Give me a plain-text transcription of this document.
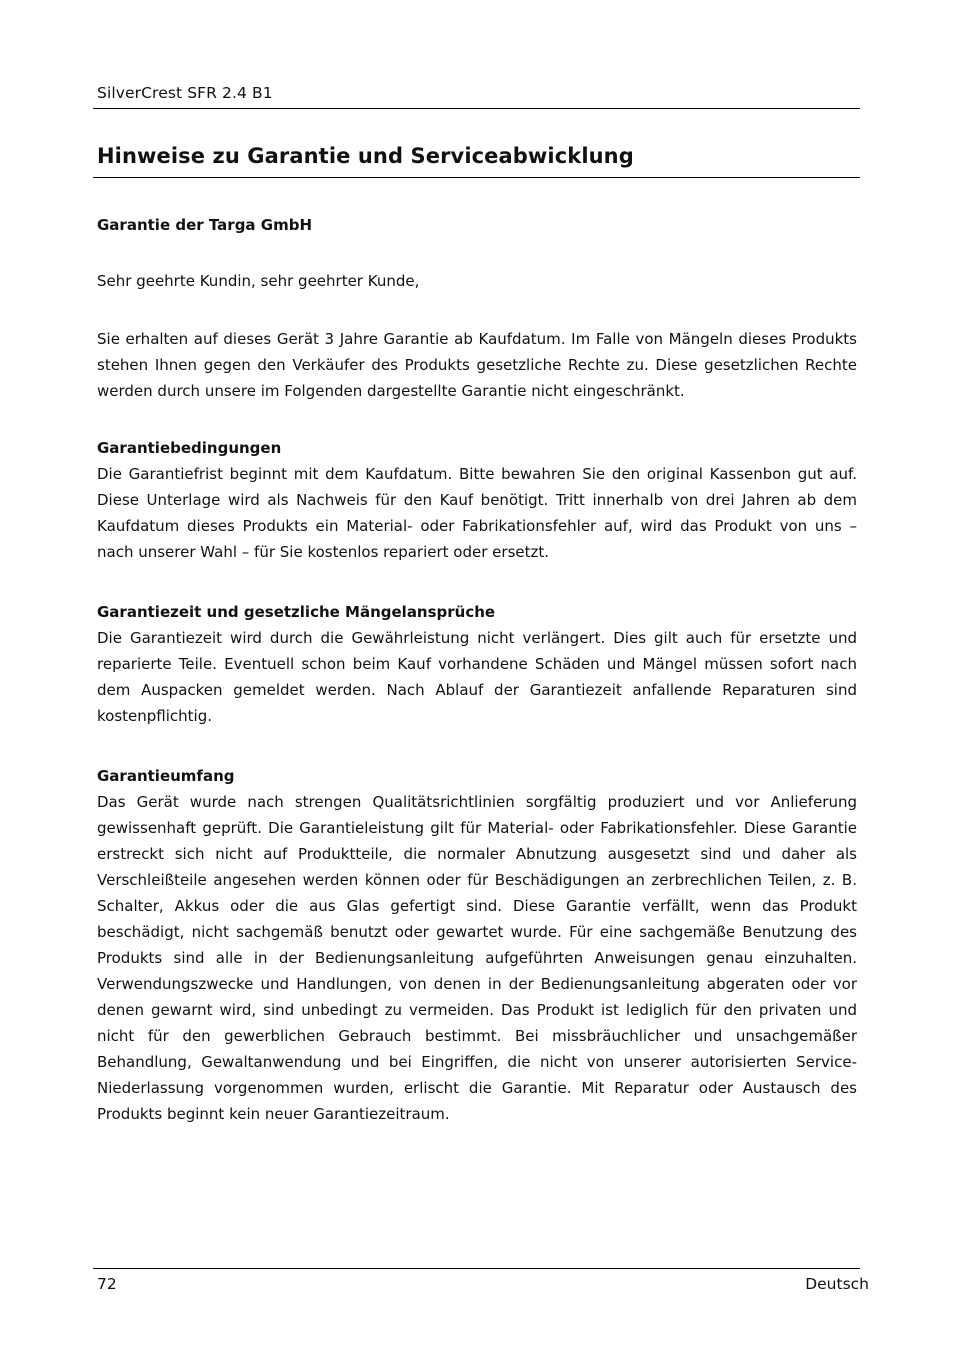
SilverCrest SFR 2.4 B1
Hinweise zu Garantie und Serviceabwicklung
Garantie der Targa GmbH

Sehr geehrte Kundin, sehr geehrter Kunde,

Sie erhalten auf dieses Gerät 3 Jahre Garantie ab Kaufdatum. Im Falle von Mängeln dieses Produkts stehen Ihnen gegen den Verkäufer des Produkts gesetzliche Rechte zu. Diese gesetzlichen Rechte werden durch unsere im Folgenden dargestellte Garantie nicht eingeschränkt.

Garantiebedingungen

Die Garantiefrist beginnt mit dem Kaufdatum. Bitte bewahren Sie den original Kassenbon gut auf. Diese Unterlage wird als Nachweis für den Kauf benötigt. Tritt innerhalb von drei Jahren ab dem Kaufdatum dieses Produkts ein Material- oder Fabrikationsfehler auf, wird das Produkt von uns – nach unserer Wahl – für Sie kostenlos repariert oder ersetzt.

Garantiezeit und gesetzliche Mängelansprüche

Die Garantiezeit wird durch die Gewährleistung nicht verlängert. Dies gilt auch für ersetzte und reparierte Teile. Eventuell schon beim Kauf vorhandene Schäden und Mängel müssen sofort nach dem Auspacken gemeldet werden. Nach Ablauf der Garantiezeit anfallende Reparaturen sind kostenpflichtig.

Garantieumfang

Das Gerät wurde nach strengen Qualitätsrichtlinien sorgfältig produziert und vor Anlieferung gewissenhaft geprüft. Die Garantieleistung gilt für Material- oder Fabrikationsfehler. Diese Garantie erstreckt sich nicht auf Produktteile, die normaler Abnutzung ausgesetzt sind und daher als Verschleißteile angesehen werden können oder für Beschädigungen an zerbrechlichen Teilen, z. B. Schalter, Akkus oder die aus Glas gefertigt sind. Diese Garantie verfällt, wenn das Produkt beschädigt, nicht sachgemäß benutzt oder gewartet wurde. Für eine sachgemäße Benutzung des Produkts sind alle in der Bedienungsanleitung aufgeführten Anweisungen genau einzuhalten. Verwendungszwecke und Handlungen, von denen in der Bedienungsanleitung abgeraten oder vor denen gewarnt wird, sind unbedingt zu vermeiden. Das Produkt ist lediglich für den privaten und nicht für den gewerblichen Gebrauch bestimmt. Bei missbräuchlicher und unsachgemäßer Behandlung, Gewaltanwendung und bei Eingriffen, die nicht von unserer autorisierten Service-Niederlassung vorgenommen wurden, erlischt die Garantie. Mit Reparatur oder Austausch des Produkts beginnt kein neuer Garantiezeitraum.

72	Deutsch
